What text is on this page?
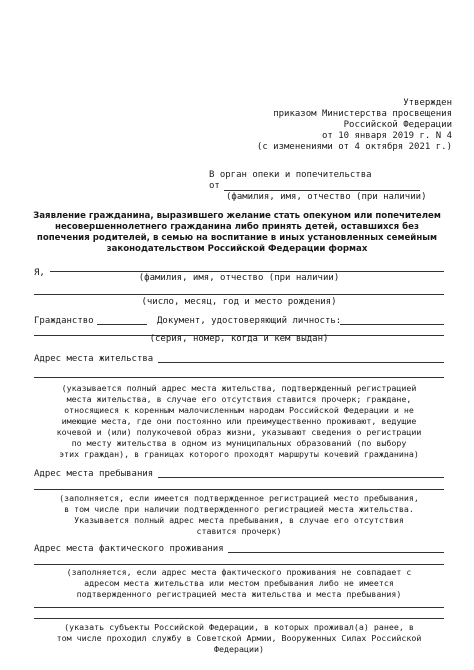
Утвержден
приказом Министерства просвещения
Российской Федерации
от 10 января 2019 г. N 4
(с изменениями от 4 октября 2021 г.)
В орган опеки и попечительства
от
(фамилия, имя, отчество (при наличии)
Заявление гражданина, выразившего желание стать опекуном или попечителем
несовершеннолетнего гражданина либо принять детей, оставшихся без
попечения родителей, в семью на воспитание в иных установленных семейным
законодательством Российской Федерации формах
Я,	(фамилия, имя, отчество (при наличии)
(число, месяц, год и место рождения)
Гражданство	Документ, удостоверяющий личность:
(серия, номер, когда и кем выдан)
Адрес места жительства
(указывается полный адрес места жительства, подтвержденный регистрацией
места жительства, в случае его отсутствия ставится прочерк; граждане,
относящиеся к коренным малочисленным народам Российской Федерации и не
имеющие места, где они постоянно или преимущественно проживают, ведущие
кочевой и (или) полукочевой образ жизни, указывают сведения о регистрации
по месту жительства в одном из муниципальных образований (по выбору
этих граждан), в границах которого проходят маршруты кочевий гражданина)
Адрес места пребывания
(заполняется, если имеется подтвержденное регистрацией место пребывания,
в том числе при наличии подтвержденного регистрацией места жительства.
Указывается полный адрес места пребывания, в случае его отсутствия
ставится прочерк)
Адрес места фактического проживания
(заполняется, если адрес места фактического проживания не совпадает с
адресом места жительства или местом пребывания либо не имеется
подтвержденного регистрацией места жительства и места пребывания)
(указать субъекты Российской Федерации, в которых проживал(а) ранее, в
том числе проходил службу в Советской Армии, Вооруженных Силах Российской
Федерации)
